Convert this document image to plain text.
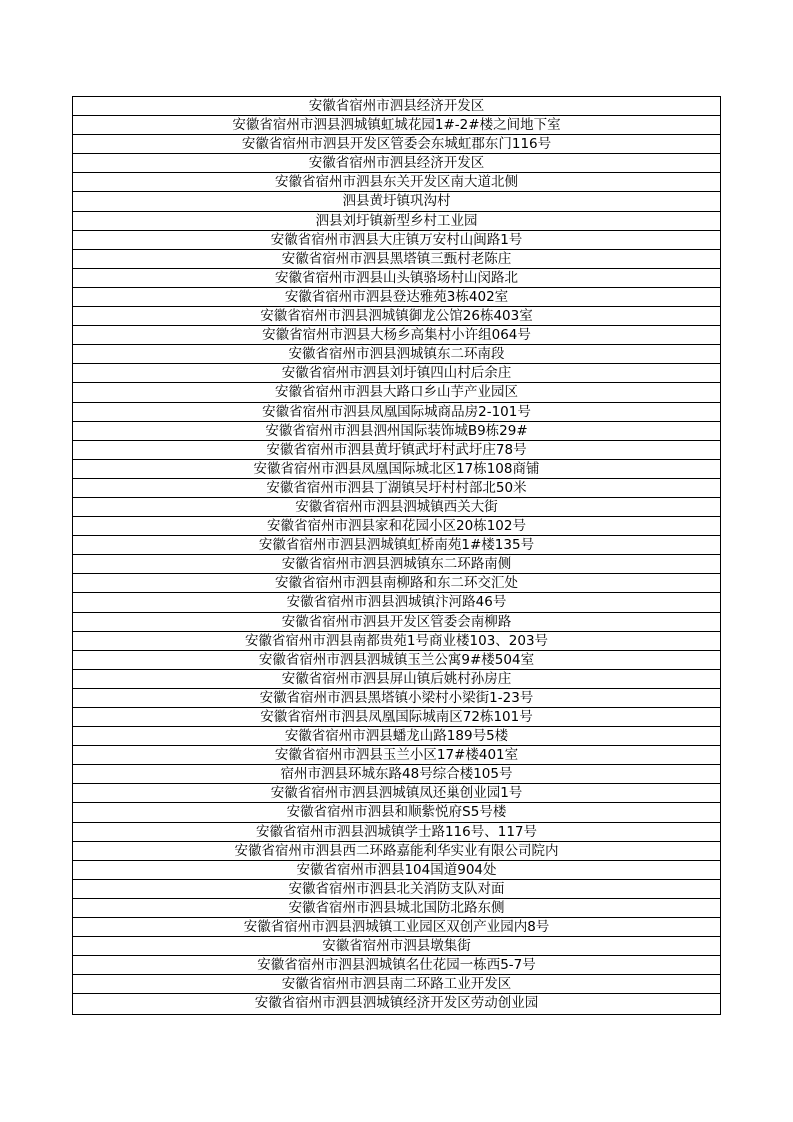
安徽省宿州市泗县经济开发区
安徽省宿州市泗县泗城镇虹城花园1#-2#楼之间地下室
安徽省宿州市泗县开发区管委会东城虹郡东门116号
安徽省宿州市泗县经济开发区
安徽省宿州市泗县东关开发区南大道北侧
泗县黄圩镇巩沟村
泗县刘圩镇新型乡村工业园
安徽省宿州市泗县大庄镇万安村山闽路1号
安徽省宿州市泗县黑塔镇三甄村老陈庄
安徽省宿州市泗县山头镇骆场村山闵路北
安徽省宿州市泗县登达雅苑3栋402室
安徽省宿州市泗县泗城镇御龙公馆26栋403室
安徽省宿州市泗县大杨乡高集村小许组064号
安徽省宿州市泗县泗城镇东二环南段
安徽省宿州市泗县刘圩镇四山村后余庄
安徽省宿州市泗县大路口乡山芋产业园区
安徽省宿州市泗县凤凰国际城商品房2-101号
安徽省宿州市泗县泗州国际装饰城B9栋29#
安徽省宿州市泗县黄圩镇武圩村武圩庄78号
安徽省宿州市泗县凤凰国际城北区17栋108商铺
安徽省宿州市泗县丁湖镇吴圩村村部北50米
安徽省宿州市泗县泗城镇西关大街
安徽省宿州市泗县家和花园小区20栋102号
安徽省宿州市泗县泗城镇虹桥南苑1#楼135号
安徽省宿州市泗县泗城镇东二环路南侧
安徽省宿州市泗县南柳路和东二环交汇处
安徽省宿州市泗县泗城镇汴河路46号
安徽省宿州市泗县开发区管委会南柳路
安徽省宿州市泗县南都贵苑1号商业楼103、203号
安徽省宿州市泗县泗城镇玉兰公寓9#楼504室
安徽省宿州市泗县屏山镇后姚村孙房庄
安徽省宿州市泗县黑塔镇小梁村小梁街1-23号
安徽省宿州市泗县凤凰国际城南区72栋101号
安徽省宿州市泗县蟠龙山路189号5楼
安徽省宿州市泗县玉兰小区17#楼401室
宿州市泗县环城东路48号综合楼105号
安徽省宿州市泗县泗城镇凤还巢创业园1号
安徽省宿州市泗县和顺紫悦府S5号楼
安徽省宿州市泗县泗城镇学士路116号、117号
安徽省宿州市泗县西二环路嘉能利华实业有限公司院内
安徽省宿州市泗县104国道904处
安徽省宿州市泗县北关消防支队对面
安徽省宿州市泗县城北国防北路东侧
安徽省宿州市泗县泗城镇工业园区双创产业园内8号
安徽省宿州市泗县墩集街
安徽省宿州市泗县泗城镇名仕花园一栋西5-7号
安徽省宿州市泗县南二环路工业开发区
安徽省宿州市泗县泗城镇经济开发区劳动创业园
